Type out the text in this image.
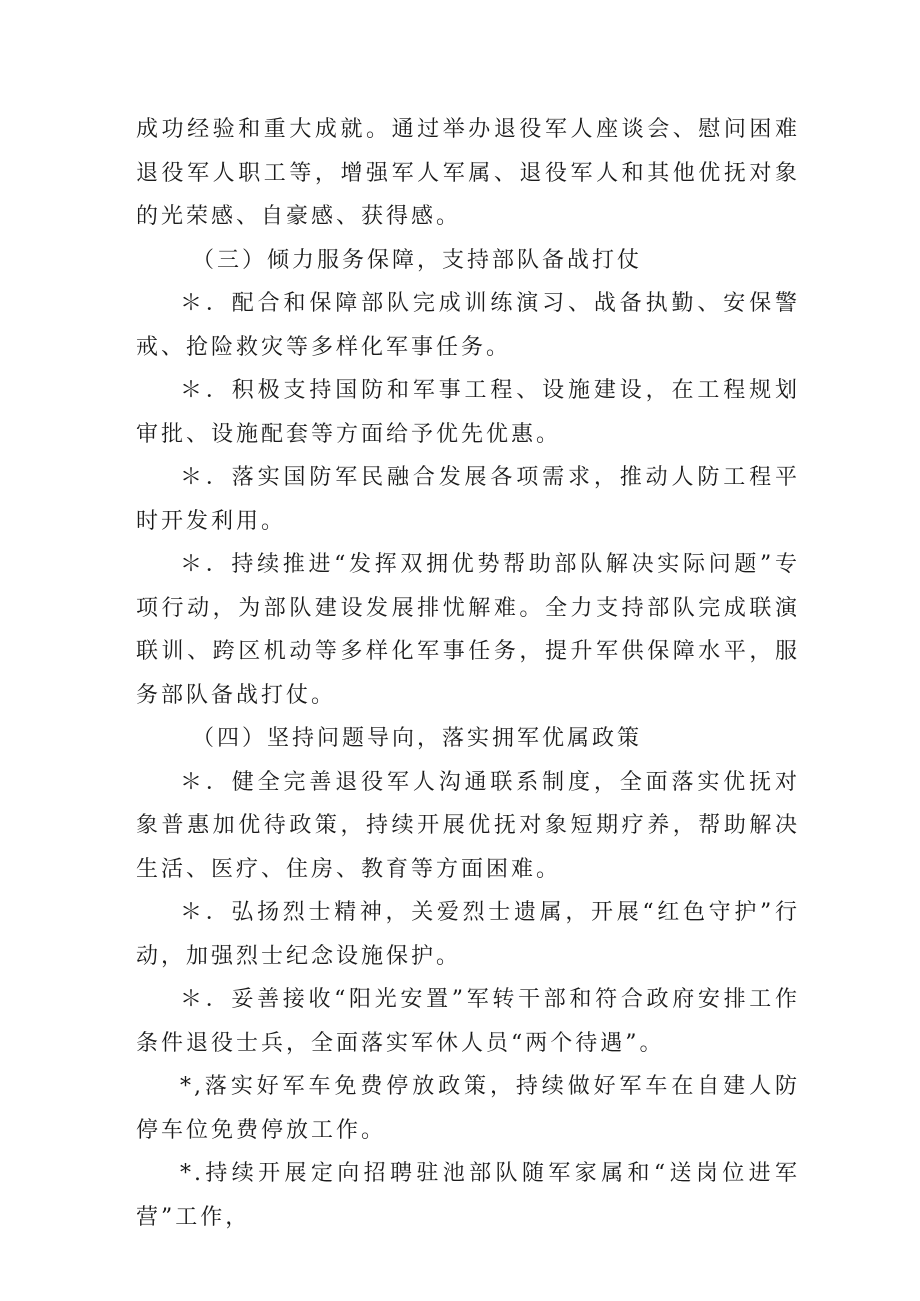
成功经验和重大成就。通过举办退役军人座谈会、慰问困难退役军人职工等，增强军人军属、退役军人和其他优抚对象的光荣感、自豪感、获得感。

（三）倾力服务保障，支持部队备战打仗

＊．配合和保障部队完成训练演习、战备执勤、安保警戒、抢险救灾等多样化军事任务。

＊．积极支持国防和军事工程、设施建设，在工程规划审批、设施配套等方面给予优先优惠。

＊．落实国防军民融合发展各项需求，推动人防工程平时开发利用。

＊．持续推进“发挥双拥优势帮助部队解决实际问题”专项行动，为部队建设发展排忧解难。全力支持部队完成联演联训、跨区机动等多样化军事任务，提升军供保障水平，服务部队备战打仗。

（四）坚持问题导向，落实拥军优属政策

＊．健全完善退役军人沟通联系制度，全面落实优抚对象普惠加优待政策，持续开展优抚对象短期疗养，帮助解决生活、医疗、住房、教育等方面困难。

＊．弘扬烈士精神，关爱烈士遗属，开展“红色守护”行动，加强烈士纪念设施保护。

＊．妥善接收“阳光安置”军转干部和符合政府安排工作条件退役士兵，全面落实军休人员“两个待遇”。

*,落实好军车免费停放政策，持续做好军车在自建人防停车位免费停放工作。

*.持续开展定向招聘驻池部队随军家属和“送岗位进军营”工作，
